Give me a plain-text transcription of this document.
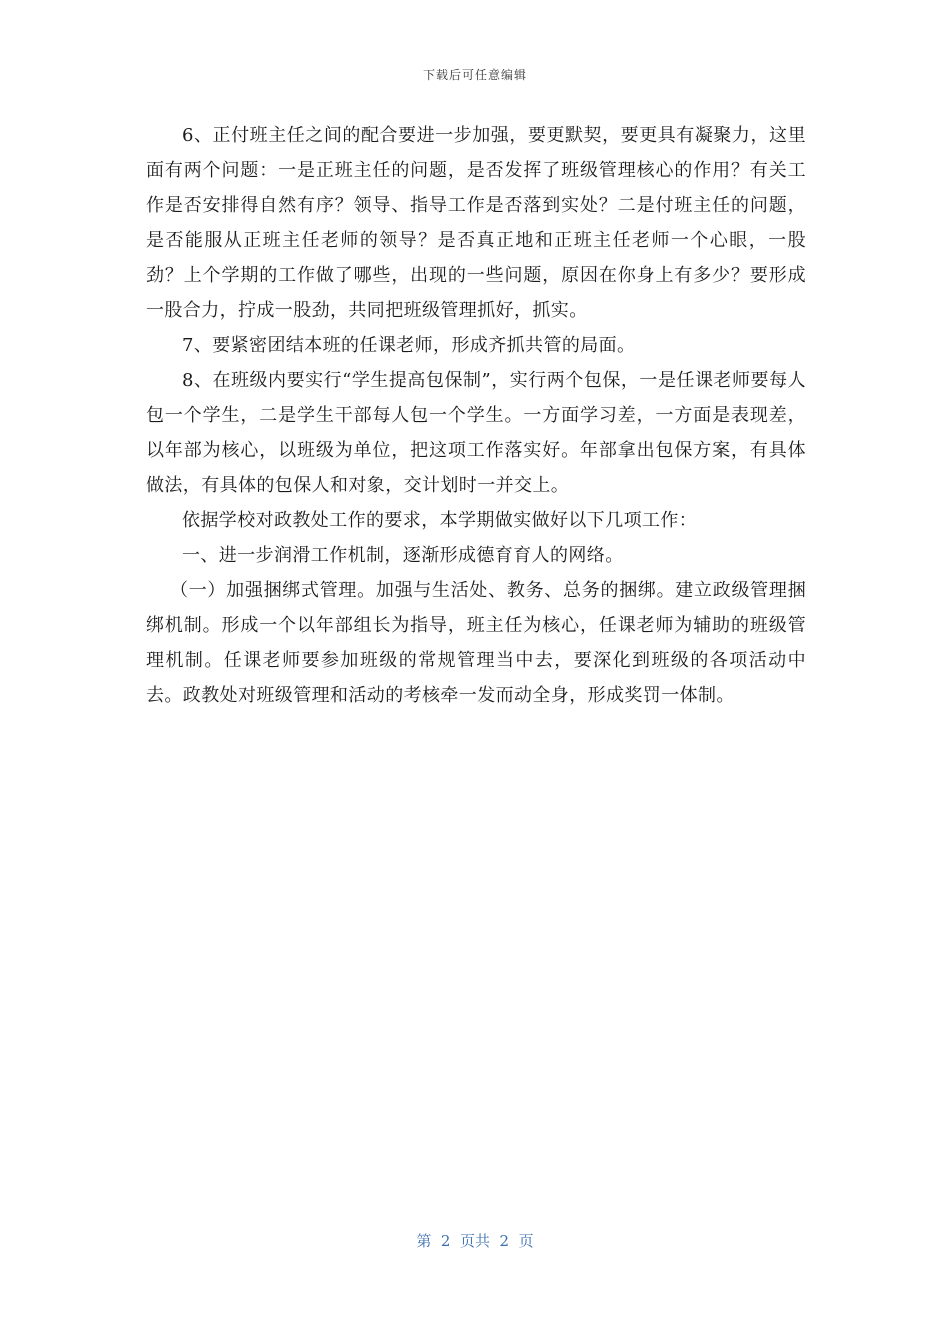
下载后可任意编辑

6、正付班主任之间的配合要进一步加强，要更默契，要更具有凝聚力，这里面有两个问题：一是正班主任的问题，是否发挥了班级管理核心的作用？有关工作是否安排得自然有序？领导、指导工作是否落到实处？二是付班主任的问题，是否能服从正班主任老师的领导？是否真正地和正班主任老师一个心眼，一股劲？上个学期的工作做了哪些，出现的一些问题，原因在你身上有多少？要形成一股合力，拧成一股劲，共同把班级管理抓好，抓实。

7、要紧密团结本班的任课老师，形成齐抓共管的局面。

8、在班级内要实行“学生提高包保制”，实行两个包保，一是任课老师要每人包一个学生，二是学生干部每人包一个学生。一方面学习差，一方面是表现差，以年部为核心，以班级为单位，把这项工作落实好。年部拿出包保方案，有具体做法，有具体的包保人和对象，交计划时一并交上。

依据学校对政教处工作的要求，本学期做实做好以下几项工作：

一、进一步润滑工作机制，逐渐形成德育育人的网络。

（一）加强捆绑式管理。加强与生活处、教务、总务的捆绑。建立政级管理捆绑机制。形成一个以年部组长为指导，班主任为核心，任课老师为辅助的班级管理机制。任课老师要参加班级的常规管理当中去，要深化到班级的各项活动中去。政教处对班级管理和活动的考核牵一发而动全身，形成奖罚一体制。

第  2  页共  2  页
